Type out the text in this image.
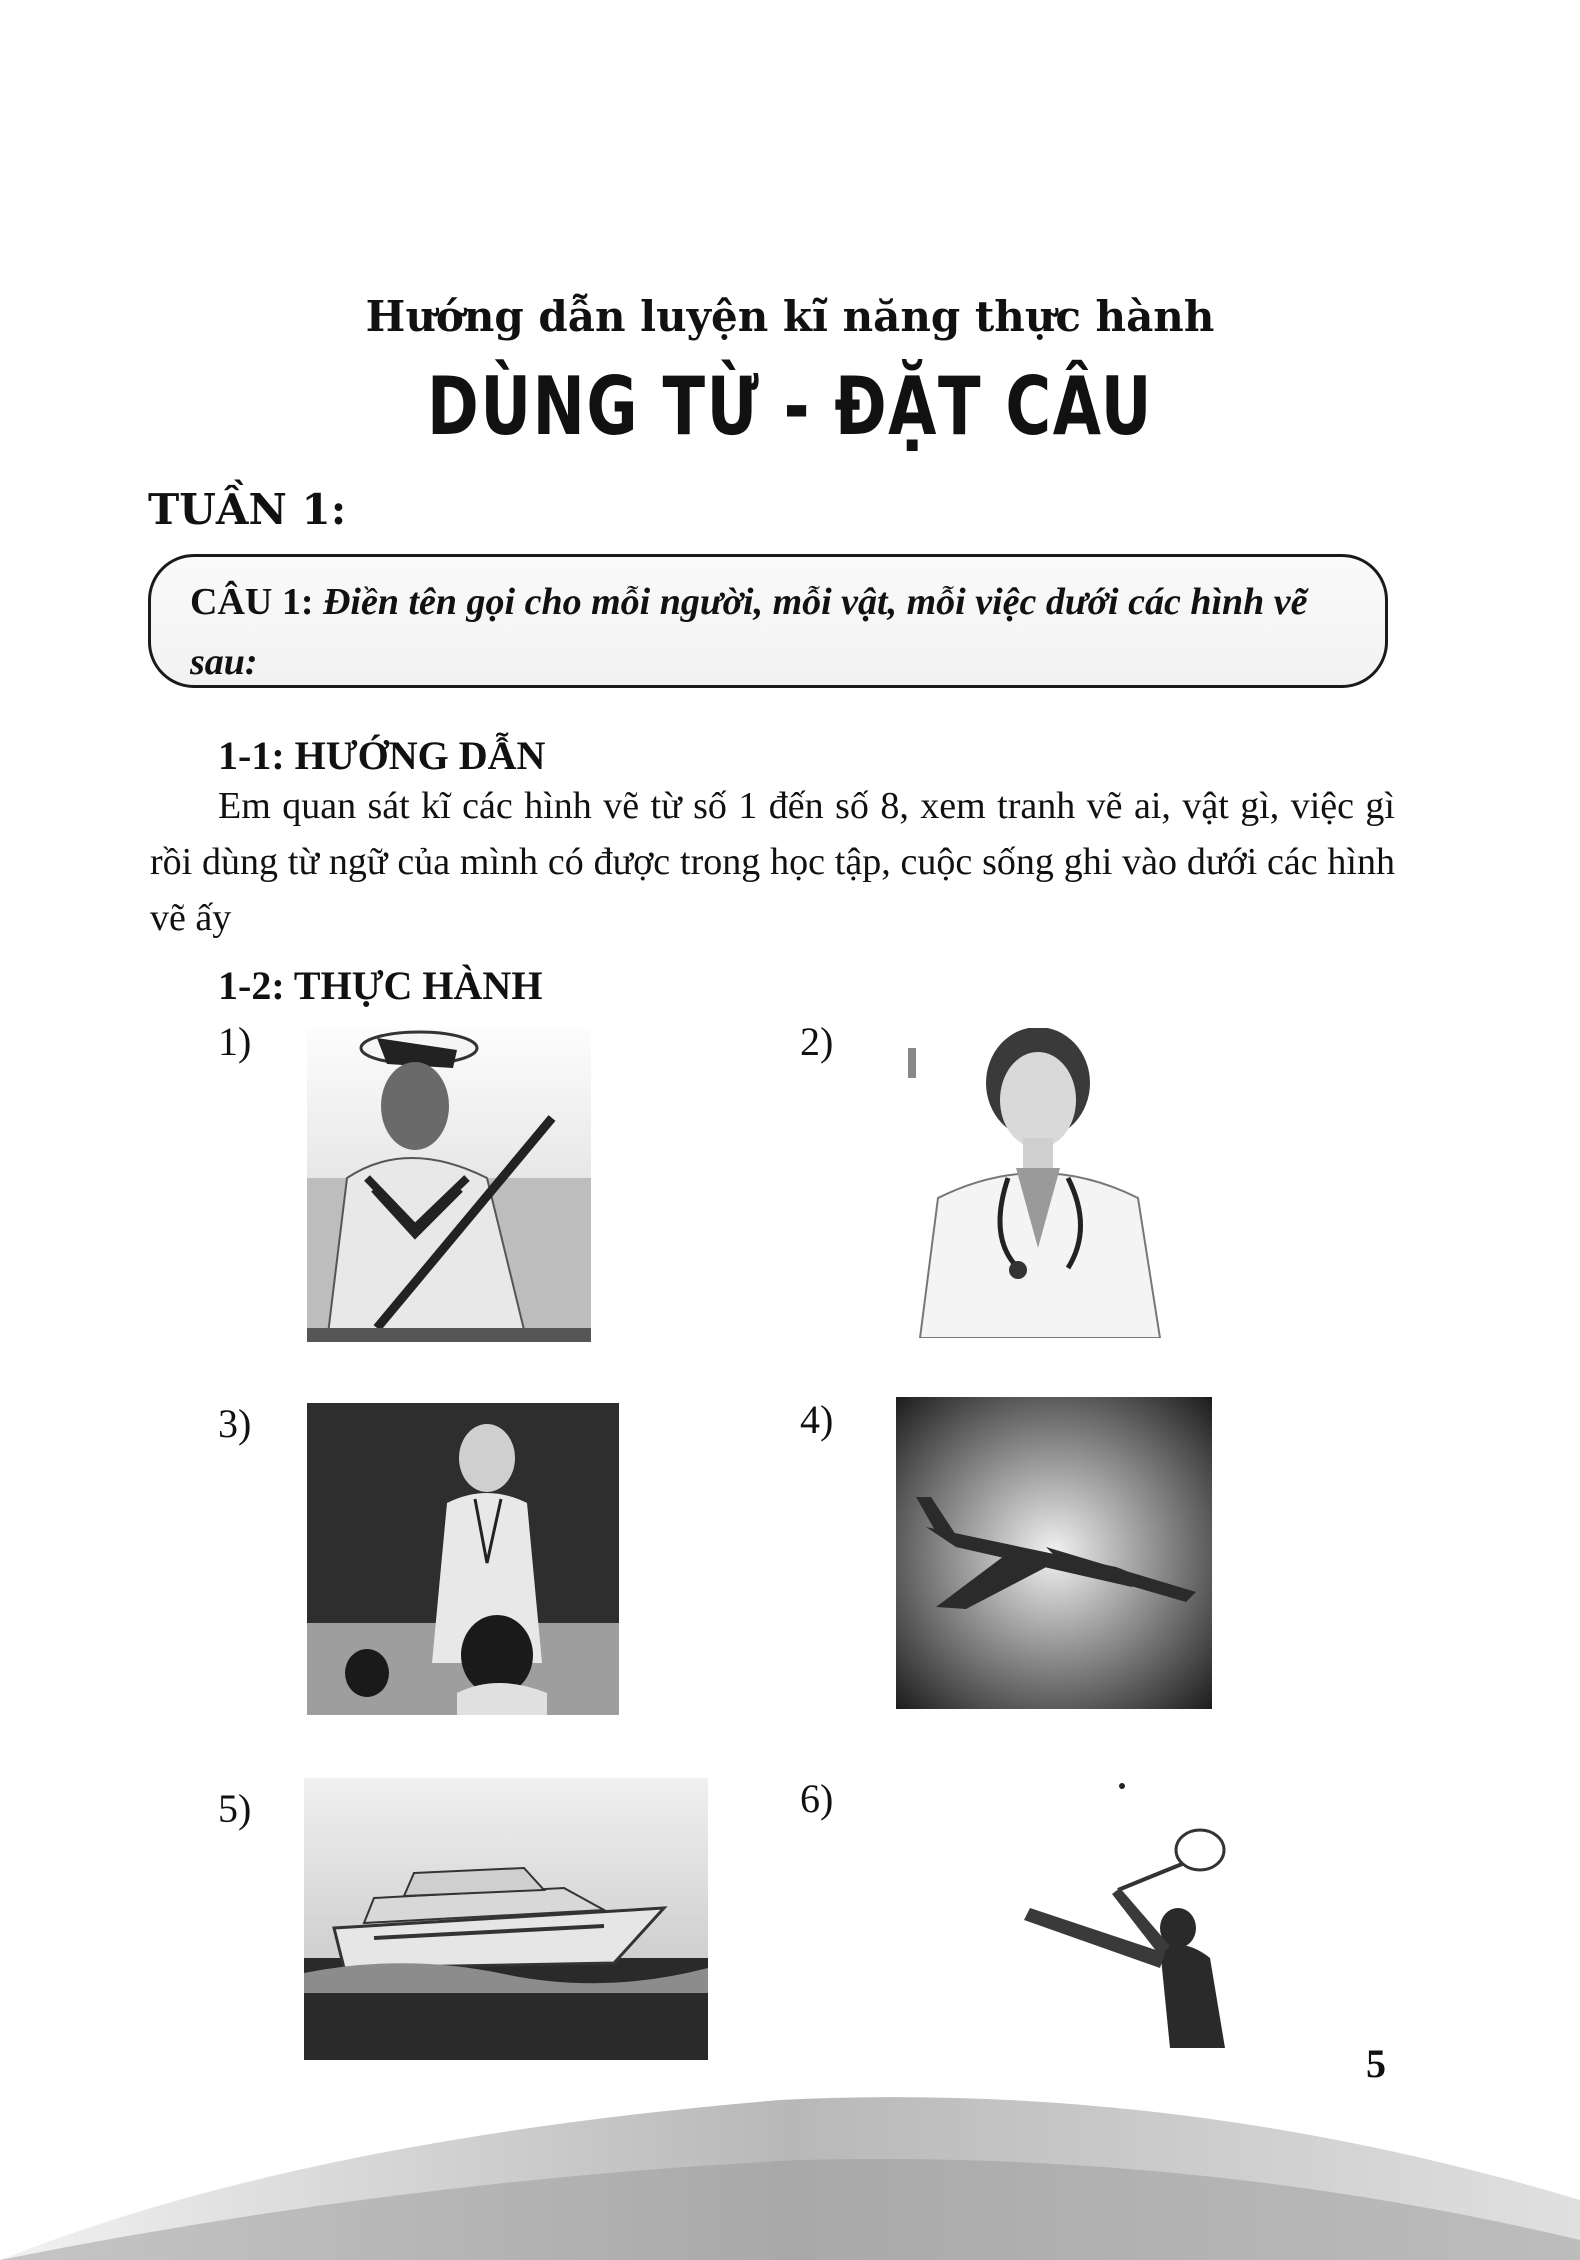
Hướng dẫn luyện kĩ năng thực hành
DÙNG TỪ - ĐẶT CÂU
TUẦN 1:
CÂU 1: Điền tên gọi cho mỗi người, mỗi vật, mỗi việc dưới các hình vẽ sau:
1-1: HƯỚNG DẪN
Em quan sát kĩ các hình vẽ từ số 1 đến số 8, xem tranh vẽ ai, vật gì, việc gì rồi dùng từ ngữ của mình có được trong học tập, cuộc sống ghi vào dưới các hình vẽ ấy
1-2: THỰC HÀNH
1)	2)
3)	4)
5)	6)
5
